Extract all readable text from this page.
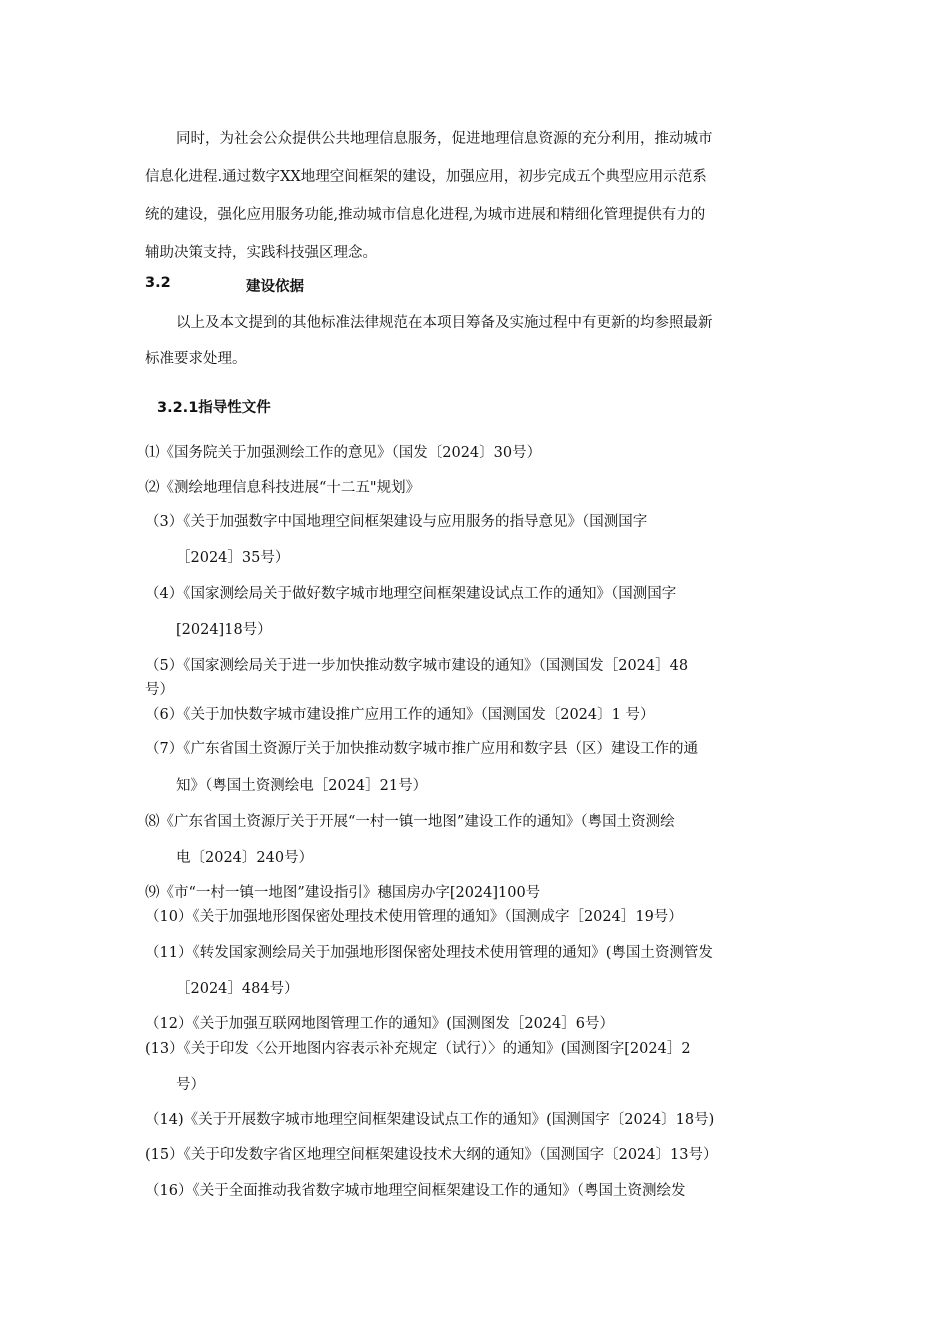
同时，为社会公众提供公共地理信息服务，促进地理信息资源的充分利用，推动城市
信息化进程.通过数字XX地理空间框架的建设，加强应用，初步完成五个典型应用示范系
统的建设，强化应用服务功能,推动城市信息化进程,为城市进展和精细化管理提供有力的
辅助决策支持，实践科技强区理念。
3.2	建设依据
以上及本文提到的其他标准法律规范在本项目筹备及实施过程中有更新的均参照最新
标准要求处理。
3.2.1指导性文件
⑴《国务院关于加强测绘工作的意见》（国发〔2024〕30号）
⑵《测绘地理信息科技进展“十二五"规划》
（3）《关于加强数字中国地理空间框架建设与应用服务的指导意见》（国测国字
［2024］35号）
（4）《国家测绘局关于做好数字城市地理空间框架建设试点工作的通知》（国测国字
[2024]18号）
（5）《国家测绘局关于进一步加快推动数字城市建设的通知》（国测国发［2024］48
号）
（6）《关于加快数字城市建设推广应用工作的通知》（国测国发〔2024〕1 号）
（7）《广东省国土资源厅关于加快推动数字城市推广应用和数字县（区）建设工作的通
知》（粤国土资测绘电［2024］21号）
⑻《广东省国土资源厅关于开展“一村一镇一地图”建设工作的通知》（粤国土资测绘
电〔2024〕240号）
⑼《市“一村一镇一地图”建设指引》穗国房办字[2024]100号
（10）《关于加强地形图保密处理技术使用管理的通知》（国测成字［2024］19号）
（11）《转发国家测绘局关于加强地形图保密处理技术使用管理的通知》(粤国土资测管发
［2024］484号）
（12）《关于加强互联网地图管理工作的通知》(国测图发［2024］6号）
(13）《关于印发〈公开地图内容表示补充规定（试行）〉的通知》(国测图字[2024］2
号）
（14)《关于开展数字城市地理空间框架建设试点工作的通知》(国测国字〔2024〕18号)
(15）《关于印发数字省区地理空间框架建设技术大纲的通知》（国测国字〔2024〕13号）
（16）《关于全面推动我省数字城市地理空间框架建设工作的通知》（粤国土资测绘发
